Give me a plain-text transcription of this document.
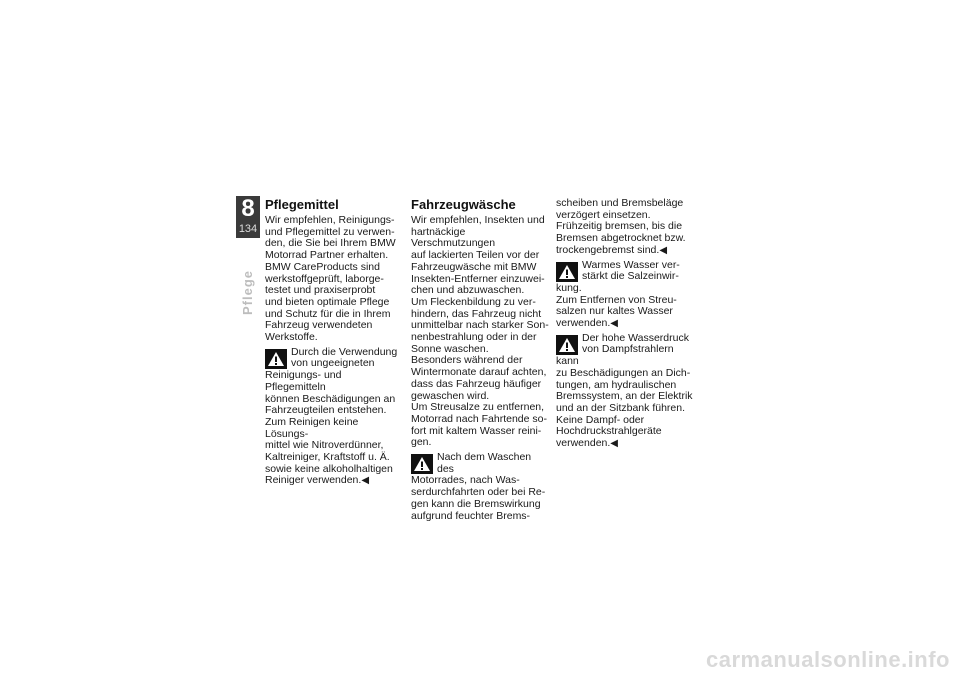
8
134
Pflege
Pflegemittel

Wir empfehlen, Reinigungs-
und Pflegemittel zu verwen-
den, die Sie bei Ihrem BMW
Motorrad Partner erhalten.
BMW CareProducts sind
werkstoffgeprüft, laborge-
testet und praxiserprobt
und bieten optimale Pflege
und Schutz für die in Ihrem
Fahrzeug verwendeten
Werkstoffe.

Durch die Verwendung
von ungeeigneten
Reinigungs- und Pflegemitteln
können Beschädigungen an
Fahrzeugteilen entstehen.
Zum Reinigen keine Lösungs-
mittel wie Nitroverdünner,
Kaltreiniger, Kraftstoff u. Ä.
sowie keine alkoholhaltigen
Reiniger verwenden.◀

Fahrzeugwäsche

Wir empfehlen, Insekten und
hartnäckige Verschmutzungen
auf lackierten Teilen vor der
Fahrzeugwäsche mit BMW
Insekten-Entferner einzuwei-
chen und abzuwaschen.
Um Fleckenbildung zu ver-
hindern, das Fahrzeug nicht
unmittelbar nach starker Son-
nenbestrahlung oder in der
Sonne waschen.
Besonders während der
Wintermonate darauf achten,
dass das Fahrzeug häufiger
gewaschen wird.
Um Streusalze zu entfernen,
Motorrad nach Fahrtende so-
fort mit kaltem Wasser reini-
gen.

Nach dem Waschen des
Motorrades, nach Was-
serdurchfahrten oder bei Re-
gen kann die Bremswirkung
aufgrund feuchter Brems-

scheiben und Bremsbeläge
verzögert einsetzen.
Frühzeitig bremsen, bis die
Bremsen abgetrocknet bzw.
trockengebremst sind.◀

Warmes Wasser ver-
stärkt die Salzeinwir-
kung.
Zum Entfernen von Streu-
salzen nur kaltes Wasser
verwenden.◀

Der hohe Wasserdruck
von Dampfstrahlern kann
zu Beschädigungen an Dich-
tungen, am hydraulischen
Bremssystem, an der Elektrik
und an der Sitzbank führen.
Keine Dampf- oder
Hochdruckstrahlgeräte
verwenden.◀

carmanualsonline.info
